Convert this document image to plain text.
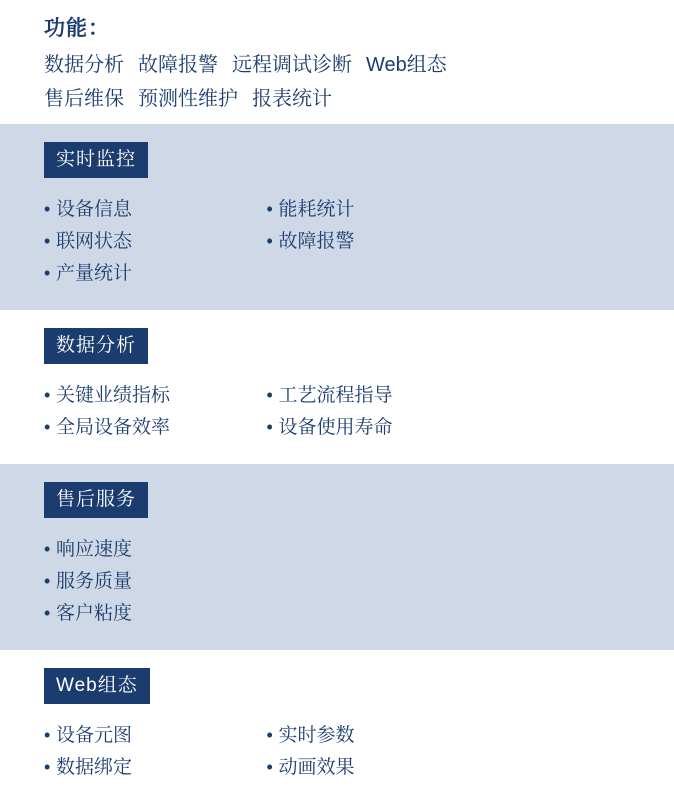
功能：
数据分析 故障报警 远程调试诊断 Web组态
售后维保 预测性维护 报表统计
实时监控
• 设备信息
• 联网状态
• 产量统计

• 能耗统计
• 故障报警
数据分析
• 关键业绩指标
• 全局设备效率

• 工艺流程指导
• 设备使用寿命
售后服务
• 响应速度
• 服务质量
• 客户粘度
Web组态
• 设备元图
• 数据绑定

• 实时参数
• 动画效果
